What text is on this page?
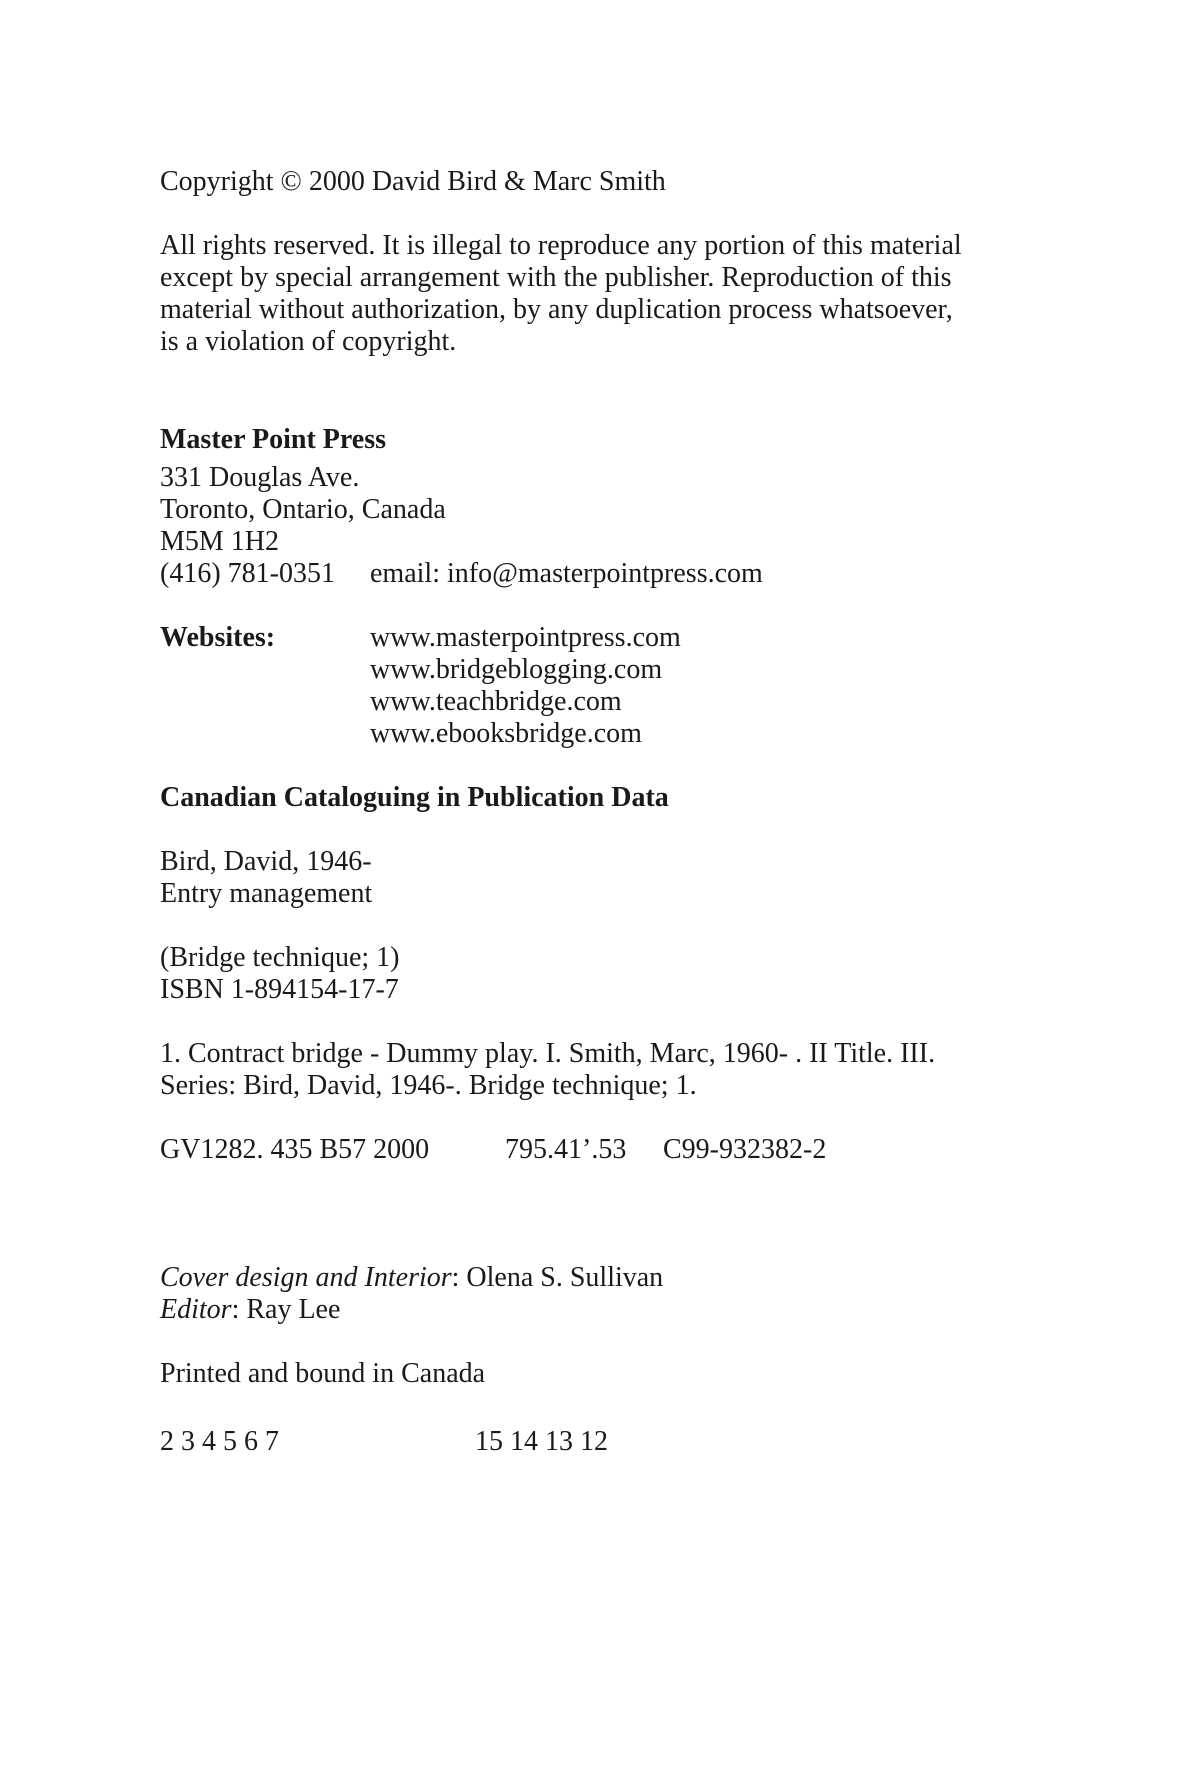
Copyright © 2000 David Bird & Marc Smith
All rights reserved. It is illegal to reproduce any portion of this material
except by special arrangement with the publisher. Reproduction of this
material without authorization, by any duplication process whatsoever,
is a violation of copyright.
Master Point Press
331 Douglas Ave.
Toronto, Ontario, Canada
M5M 1H2
(416) 781-0351 email: info@masterpointpress.com
Websites:	www.masterpointpress.com
www.bridgeblogging.com
www.teachbridge.com
www.ebooksbridge.com
Canadian Cataloguing in Publication Data
Bird, David, 1946-
Entry management
(Bridge technique; 1)
ISBN 1-894154-17-7
1. Contract bridge - Dummy play. I. Smith, Marc, 1960- . II Title. III.
Series: Bird, David, 1946-. Bridge technique; 1.
GV1282. 435 B57 2000	795.41’.53 C99-932382-2
Cover design and Interior: Olena S. Sullivan
Editor: Ray Lee
Printed and bound in Canada
2 3 4 5 6 7	15 14 13 12
